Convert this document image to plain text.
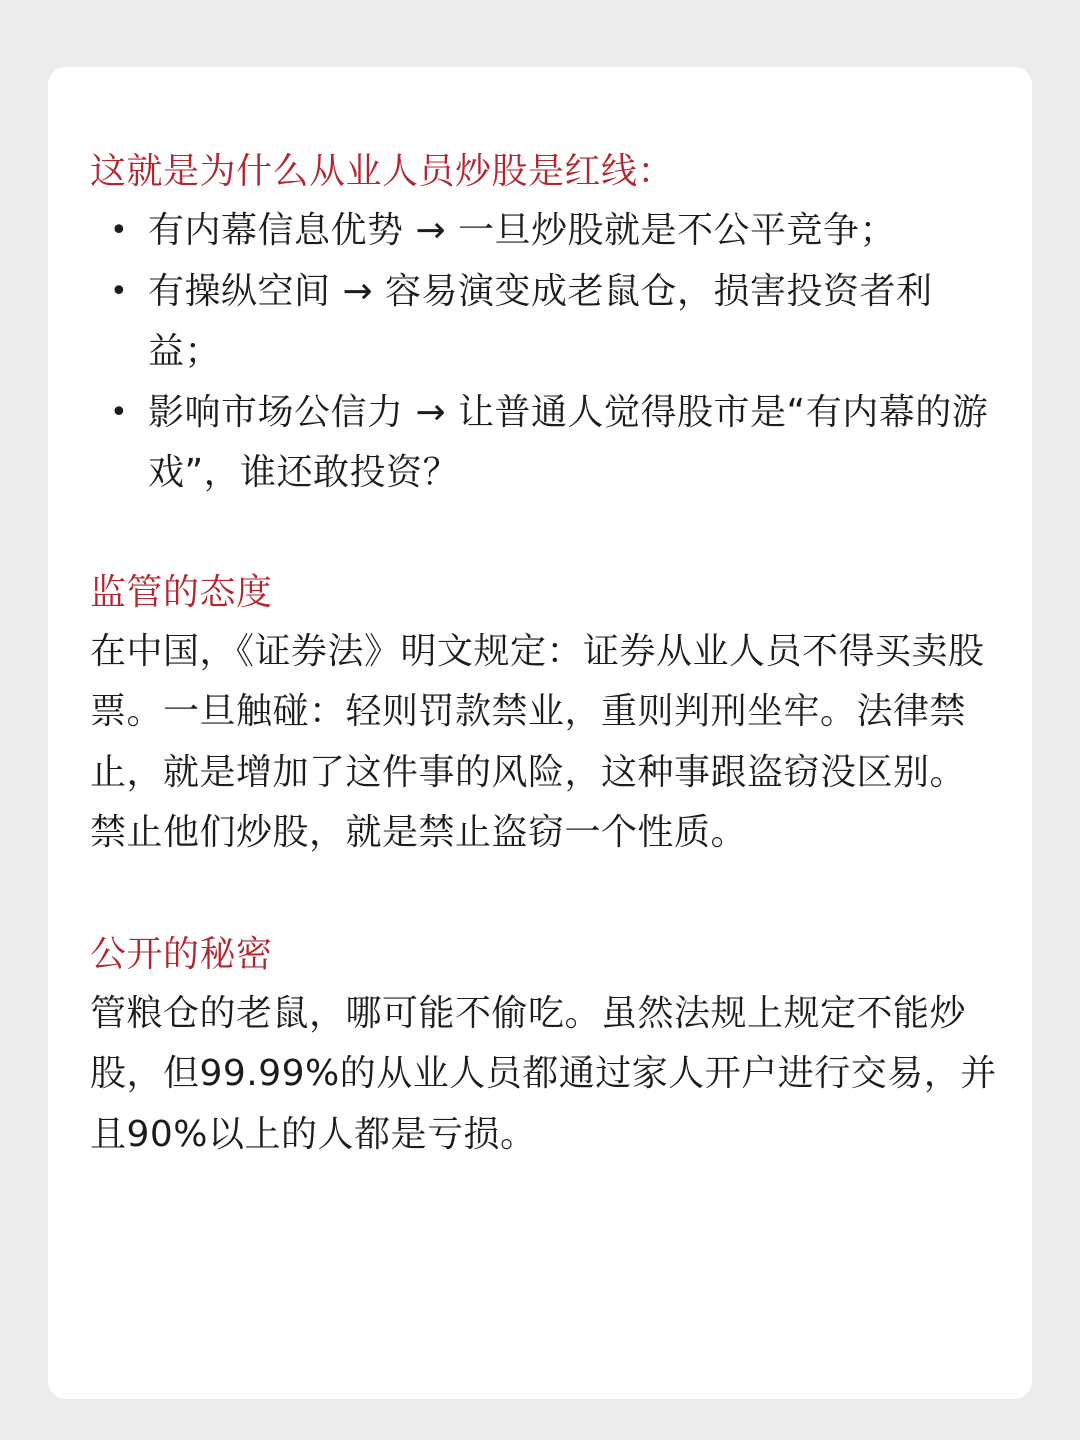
这就是为什么从业人员炒股是红线：
• 有内幕信息优势 → 一旦炒股就是不公平竞争；
• 有操纵空间 → 容易演变成老鼠仓，损害投资者利益；
• 影响市场公信力 → 让普通人觉得股市是“有内幕的游戏”，谁还敢投资？
监管的态度
在中国，《证券法》明文规定：证券从业人员不得买卖股票。一旦触碰：轻则罚款禁业，重则判刑坐牢。法律禁止，就是增加了这件事的风险，这种事跟盗窃没区别。禁止他们炒股，就是禁止盗窃一个性质。
公开的秘密
管粮仓的老鼠，哪可能不偷吃。虽然法规上规定不能炒股，但99.99%的从业人员都通过家人开户进行交易，并且90%以上的人都是亏损。
